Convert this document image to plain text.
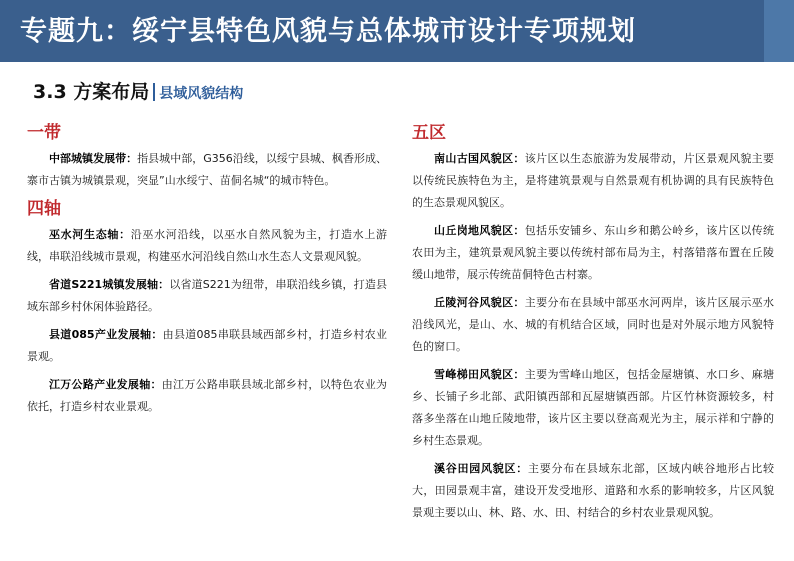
专题九：绥宁县特色风貌与总体城市设计专项规划
3.3 方案布局 县域风貌结构
一带

中部城镇发展带：指县城中部，G356沿线，以绥宁县城、枫香形成、寨市古镇为城镇景观，突显”山水绥宁、苗侗名城“的城市特色。

四轴

巫水河生态轴：沿巫水河沿线，以巫水自然风貌为主，打造水上游线，串联沿线城市景观，构建巫水河沿线自然山水生态人文景观风貌。

省道S221城镇发展轴：以省道S221为纽带，串联沿线乡镇，打造县域东部乡村休闲体验路径。

县道085产业发展轴：由县道085串联县域西部乡村，打造乡村农业景观。

江万公路产业发展轴：由江万公路串联县域北部乡村，以特色农业为依托，打造乡村农业景观。

五区

南山古国风貌区：该片区以生态旅游为发展带动，片区景观风貌主要以传统民族特色为主，是将建筑景观与自然景观有机协调的具有民族特色的生态景观风貌区。

山丘岗地风貌区：包括乐安铺乡、东山乡和鹅公岭乡，该片区以传统农田为主，建筑景观风貌主要以传统村部布局为主，村落错落布置在丘陵缓山地带，展示传统苗侗特色古村寨。

丘陵河谷风貌区：主要分布在县域中部巫水河两岸，该片区展示巫水沿线风光，是山、水、城的有机结合区域，同时也是对外展示地方风貌特色的窗口。

雪峰梯田风貌区：主要为雪峰山地区，包括金屋塘镇、水口乡、麻塘乡、长铺子乡北部、武阳镇西部和瓦屋塘镇西部。片区竹林资源较多，村落多坐落在山地丘陵地带，该片区主要以登高观光为主，展示祥和宁静的乡村生态景观。

溪谷田园风貌区：主要分布在县域东北部，区域内峡谷地形占比较大，田园景观丰富，建设开发受地形、道路和水系的影响较多，片区风貌景观主要以山、林、路、水、田、村结合的乡村农业景观风貌。
